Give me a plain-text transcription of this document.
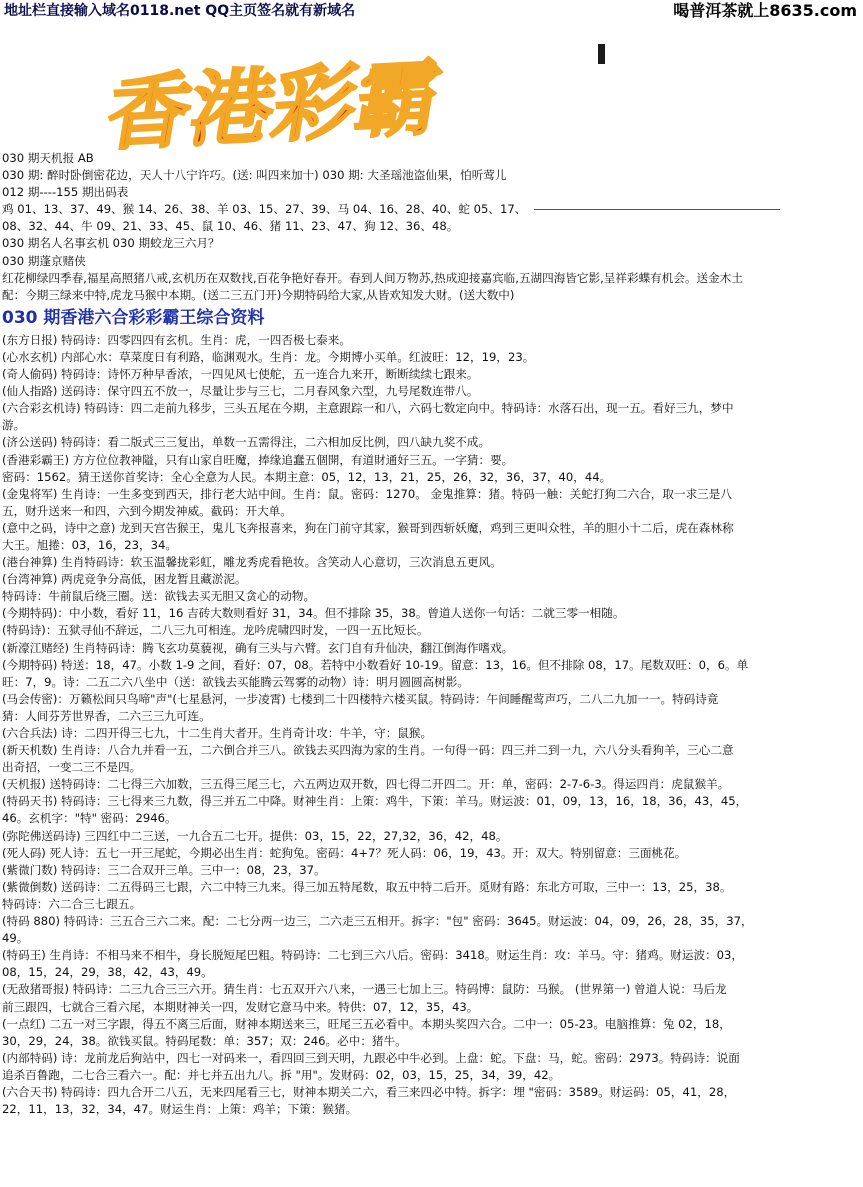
地址栏直接输入域名0118.net QQ主页签名就有新域名	喝普洱茶就上8635.com
香港彩霸
030 期天机报 AB
030 期: 醉时卧倒密花边，天人十八宁许巧。(送: 叫四来加十) 030 期: 大圣瑶池盗仙果，怕听莺儿
012 期----155 期出码表
鸡 01、13、37、49、猴 14、26、38、羊 03、15、27、39、马 04、16、28、40、蛇 05、17、
08、32、44、牛 09、21、33、45、鼠 10、46、猪 11、23、47、狗 12、36、48。
030 期名人名事玄机 030 期蛟龙三六月？
030 期蓬京赌侠
红花柳绿四季春,福星高照猪八戒,玄机历在双数找,百花争艳好春开。春到人间万物苏,热成迎接嘉宾临,五湖四海皆它影,呈祥彩蝶有机会。送金木土
配：今期三绿来中特,虎龙马猴中本期。(送二三五门开)今期特码给大家,从皆欢知发大财。(送大数中)
030 期香港六合彩彩霸王综合资料
(东方日报) 特码诗：四零四四有玄机。生肖：虎，一四否极七泰来。
(心水玄机) 内部心水：草菜度日有利路，临渊观水。生肖：龙。今期博小买单。红波旺：12，19，23。
(奇人偷码) 特码诗：诗怀万种早香浓，一四见风七使舵，五一连合九来开，断断续续七跟来。
(仙人指路) 送码诗：保守四五不放一，尽量让步与三七，二月春风象六型，九号尾数连带八。
(六合彩玄机诗) 特码诗：四二走前九移步，三头五尾在今期，主意跟踪一和八，六码七数定向中。特码诗：水落石出，现一五。看好三九，梦中
游。
(济公送码) 特码诗：看二版式三三复出，单数一五需得注，二六相加反比例，四八缺九奖不成。
(香港彩霸王) 方方位位教神隘，只有山家自旺魔，捧缘追蠢五個開，有道財通好三五。一字猜：要。
密码：1562。猜王送你首奖诗：全心全意为人民。本期主意：05，12，13，21，25，26，32，36，37，40，44。
(金鬼将军) 生肖诗：一生多变到西天，排行老大站中间。生肖：鼠。密码：1270。 金鬼推算：猪。特码一触：关蛇打狗二六合，取一求三是八
五，财升送来一和四，六到今期发神威。截码：开大单。
(意中之码，诗中之意) 龙到天宫告猴王，鬼儿飞奔报喜来，狗在门前守其家，猴哥到西斩妖魔，鸡到三更叫众牲，羊的胆小十二后，虎在森林称
大王。旭捲：03，16，23，34。
(港台神算) 生肖特码诗：软玉温馨拢彩虹，雕龙秀虎看艳妆。含笑动人心意切，三次消息五更风。
(台湾神算) 两虎竞争分高低，困龙暂且藏淤泥。
特码诗：牛前鼠后绕三圈。送：欲钱去买无胆又贪心的动物。
(今期特码)：中小数，看好 11，16 吉砖大数则看好 31，34。但不排除 35，38。曾道人送你一句话：二就三零一相随。
(特码诗)：五狱寻仙不辞远，二八三九可相连。龙吟虎啸四时发，一四一五比短长。
(新濠江赌经) 生肖特码诗：腾飞玄功莫藐视，确有三头与六臂。玄门自有升仙决，翻江倒海作嗜戏。
(今期特码) 特送：18，47。小数 1-9 之间，看好：07，08。若特中小数看好 10-19。留意：13，16。但不排除 08，17。尾数双旺：0，6。单
旺：7，9。诗：二五二六八坐中（送：欲钱去买能腾云驾雾的动物）诗：明月圆圆高树影。
(马会传密)：万籁松间只鸟啼"声"(七星悬河，一步凌霄) 七楼到二十四楼特六楼买鼠。特码诗：午间睡醒莺声巧，二八二九加一一。特码诗竟
猜：人间芬芳世界香，二六三三九可连。
(六合兵法) 诗：二四开得三七九，十二生肖大者开。生肖奇计攻：牛羊，守：鼠猴。
(新天机数) 生肖诗：八合九并看一五，二六倒合并三八。欲钱去买四海为家的生肖。一句得一码：四三并二到一九，六八分头看狗羊，三心二意
出奇招，一变二三不是四。
(天机报) 送特码诗：二七得三六加数，三五得三尾三七，六五两边双开数，四七得二开四二。开：单，密码：2-7-6-3。得运四肖：虎鼠猴羊。
(特码天书) 特码诗：三七得来三九数，得三并五二中降。财神生肖：上策：鸡牛，下策：羊马。财运波：01，09，13，16，18，36，43，45，
46。玄机字："特" 密码：2946。
(弥陀佛送码诗) 三四红中二三送，一九合五二七开。提供：03，15，22，27,32，36，42，48。
(死人码) 死人诗：五七一开三尾蛇，今期必出生肖：蛇狗兔。密码：4+7？死人码：06，19，43。开：双大。特别留意：三面桃花。
(紫微门数) 特码诗：三二合双开三单。三中一：08，23，37。
(紫微倒数) 送码诗：二五得码三七跟，六二中特三九来。得三加五特尾数，取五中特二后开。觅财有路：东北方可取，三中一：13，25，38。
特码诗：六二合三七跟五。
(特码 880) 特码诗：三五合三六二来。配：二七分两一边三，二六走三五相开。拆字："包" 密码：3645。财运波：04，09，26，28，35，37，
49。
(特码王) 生肖诗：不相马来不相牛，身长脱短尾巴粗。特码诗：二七到三六八后。密码：3418。财运生肖：攻：羊马。守：猪鸡。财运波：03，
08，15，24，29，38，42，43，49。
(无敌猪哥报) 特码诗：二三九合三三六开。猜生肖：七五双开六八来，一遇三七加上三。特码博：鼠防：马猴。 (世界第一) 曾道人说：马后龙
前三跟四，七就合三看六尾，本期财神关一四，发财它意马中来。特供：07，12，35，43。
(一点红) 二五一对三字跟，得五不离三后面，财神本期送来三，旺尾三五必看中。本期头奖四六合。二中一：05-23。电脑推算：兔 02，18，
30，29，24，38。欲钱买鼠。特码尾数：单：357；双：246。必中：猪牛。
(内部特码) 诗：龙前龙后狗站中，四七一对码来一，看四回三到天明，九跟必中牛必到。上盘：蛇。下盘：马，蛇。密码：2973。特码诗：说面
追杀百鲁跑，二七合三看六一。配：并七并五出九八。拆 "用"。发财码：02，03，15，25，34，39，42。
(六合天书) 特码诗：四九合开二八五，无来四尾看三七，财神本期关二六，看三来四必中特。拆字：埋 "密码：3589。财运码：05，41，28，
22，11，13，32，34，47。财运生肖：上策：鸡羊；下策：猴猪。
